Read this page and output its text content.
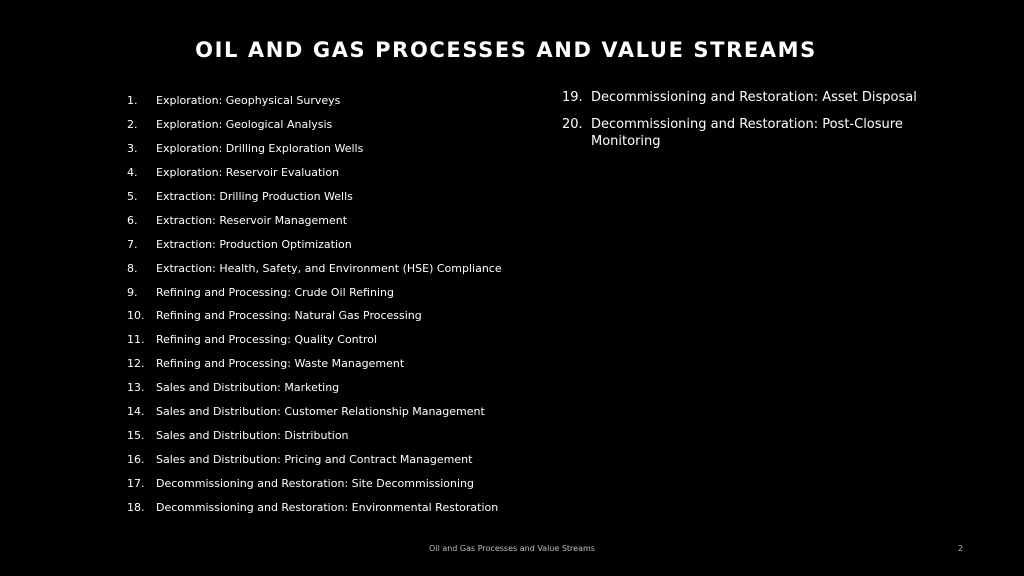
OIL AND GAS PROCESSES AND VALUE STREAMS
1.	Exploration: Geophysical Surveys
2.	Exploration: Geological Analysis
3.	Exploration: Drilling Exploration Wells
4.	Exploration: Reservoir Evaluation
5.	Extraction: Drilling Production Wells
6.	Extraction: Reservoir Management
7.	Extraction: Production Optimization
8.	Extraction: Health, Safety, and Environment (HSE) Compliance
9.	Refining and Processing: Crude Oil Refining
10.	Refining and Processing: Natural Gas Processing
11.	Refining and Processing: Quality Control
12.	Refining and Processing: Waste Management
13.	Sales and Distribution: Marketing
14.	Sales and Distribution: Customer Relationship Management
15.	Sales and Distribution: Distribution
16.	Sales and Distribution: Pricing and Contract Management
17.	Decommissioning and Restoration: Site Decommissioning
18.	Decommissioning and Restoration: Environmental Restoration
19. Decommissioning and Restoration: Asset Disposal
20. Decommissioning and Restoration: Post-Closure Monitoring
Oil and Gas Processes and Value Streams	2
